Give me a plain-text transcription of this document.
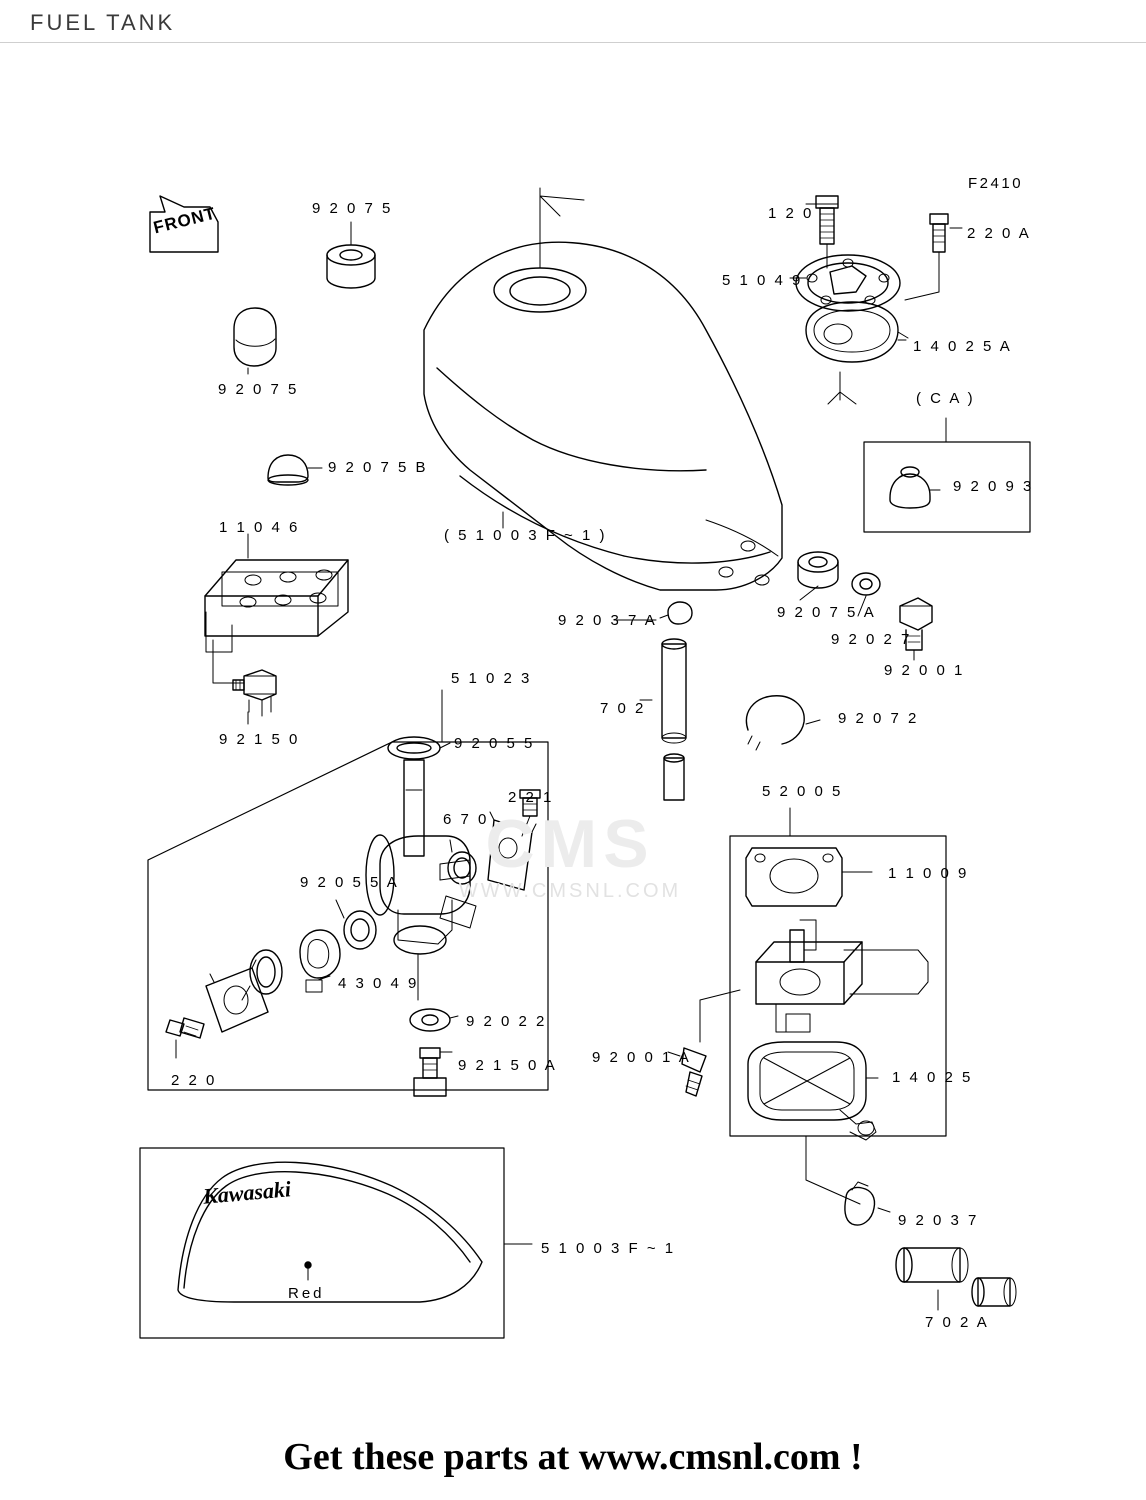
FUEL TANK
CMS
WWW.CMSNL.COM
FRONT
Kawasaki
Red
F2410
( 5 1 0 0 3 F ~ 1 )
( C A )
9 2 0 7 5
9 2 0 7 5
9 2 0 7 5 B
1 1 0 4 6
9 2 1 5 0
5 1 0 2 3
9 2 0 5 5
2 2 1
6 7 0
9 2 0 5 5 A
4 3 0 4 9
2 2 0
9 2 0 2 2
9 2 1 5 0 A
5 1 0 0 3 F ~ 1
7 0 2
9 2 0 3 7 A
1 2 0
2 2 0 A
5 1 0 4 9
1 4 0 2 5 A
9 2 0 9 3
9 2 0 7 5 A
9 2 0 2 7
9 2 0 0 1
9 2 0 7 2
5 2 0 0 5
1 1 0 0 9
9 2 0 0 1 A
1 4 0 2 5
9 2 0 3 7
7 0 2 A
Get these parts at www.cmsnl.com !
